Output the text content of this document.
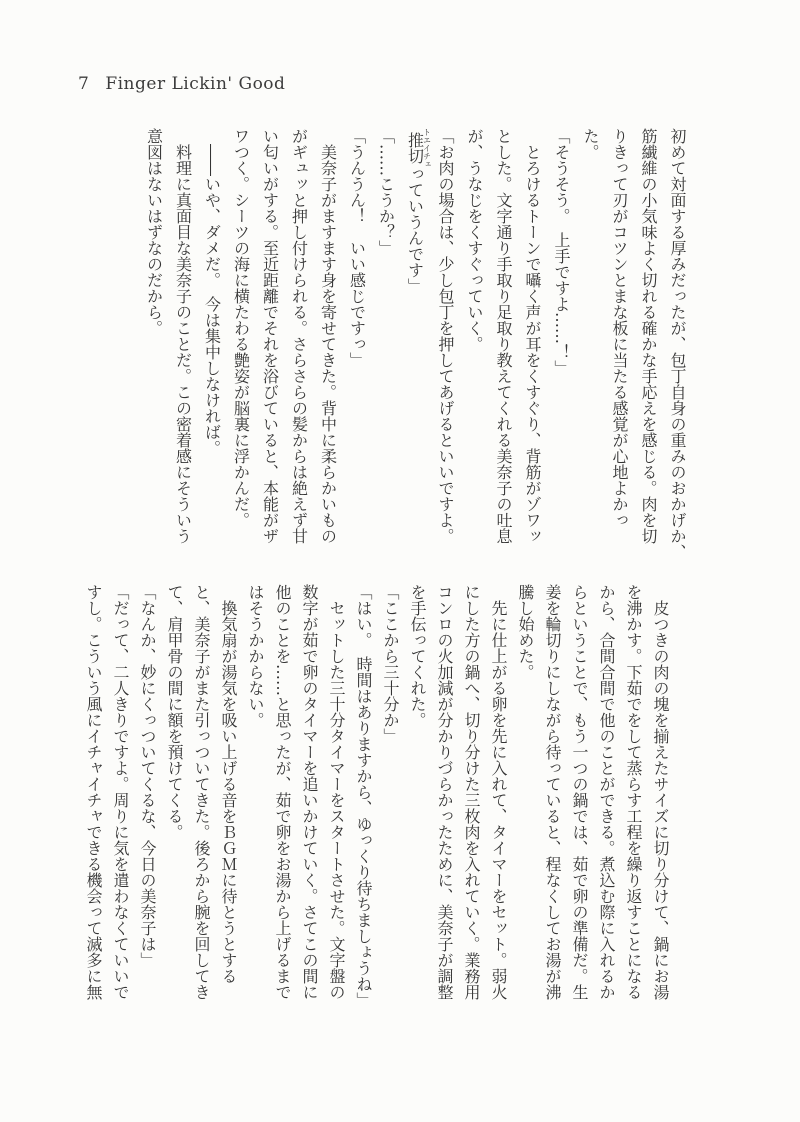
7 Finger Lickin' Good

初めて対面する厚みだったが、包丁自身の重みのおかげか、

筋繊維の小気味よく切れる確かな手応えを感じる。肉を切

りきって刃がコツンとまな板に当たる感覚が心地よかっ

た。

「そうそう。　上手ですよ……！」

とろけるトーンで囁く声が耳をくすぐり、背筋がゾワッ

とした。文字通り手取り足取り教えてくれる美奈子の吐息

が、うなじをくすぐっていく。

「お肉の場合は、少し包丁を押してあげるといいですよ。

推切トエイチェっていうんです」

「……こうか？」

「うんうん！　いい感じですっ」

美奈子がますます身を寄せてきた。背中に柔らかいもの

がギュッと押し付けられる。さらさらの髪からは絶えず甘

い匂いがする。至近距離でそれを浴びていると、本能がザ

ワつく。シーツの海に横たわる艶姿が脳裏に浮かんだ。

――いや、ダメだ。　今は集中しなければ。

料理に真面目な美奈子のことだ。この密着感にそういう

意図はないはずなのだから。

皮つきの肉の塊を揃えたサイズに切り分けて、鍋にお湯

を沸かす。下茹でをして蒸らす工程を繰り返すことになる

から、合間合間で他のことができる。煮込む際に入れるか

らということで、もう一つの鍋では、茹で卵の準備だ。生

姜を輪切りにしながら待っていると、程なくしてお湯が沸

騰し始めた。

先に仕上がる卵を先に入れて、タイマーをセット。弱火

にした方の鍋へ、切り分けた三枚肉を入れていく。業務用

コンロの火加減が分かりづらかったために、美奈子が調整

を手伝ってくれた。

「ここから三十分か」

「はい。　時間はありますから、ゆっくり待ちましょうね」

セットした三十分タイマーをスタートさせた。文字盤の

数字が茹で卵のタイマーを追いかけていく。さてこの間に

他のことを……と思ったが、茹で卵をお湯から上げるまで

はそうかからない。

換気扇が湯気を吸い上げる音をＢＧＭに待とうとする

と、美奈子がまた引っついてきた。後ろから腕を回してき

て、肩甲骨の間に額を預けてくる。

「なんか、妙にくっついてくるな、今日の美奈子は」

「だって、二人きりですよ。周りに気を遣わなくていいで

すし。こういう風にイチャイチャできる機会って滅多に無
